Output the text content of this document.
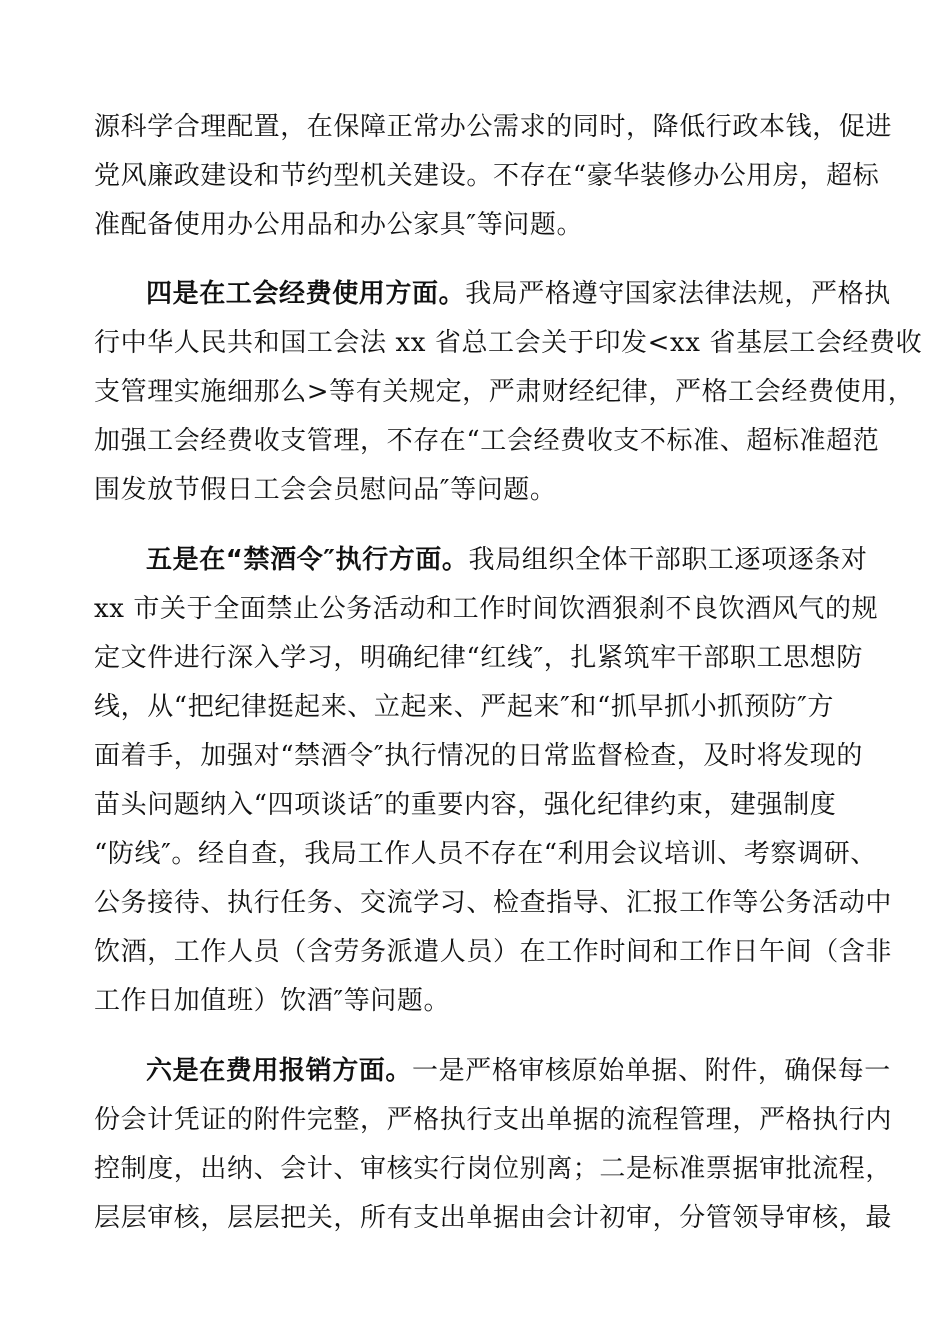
源科学合理配置，在保障正常办公需求的同时，降低行政本钱，促进
党风廉政建设和节约型机关建设。不存在“豪华装修办公用房，超标
准配备使用办公用品和办公家具″等问题。
四是在工会经费使用方面。我局严格遵守国家法律法规，严格执
行中华人民共和国工会法 xx 省总工会关于印发<xx 省基层工会经费收
支管理实施细那么>等有关规定，严肃财经纪律，严格工会经费使用，
加强工会经费收支管理，不存在“工会经费收支不标准、超标准超范
围发放节假日工会会员慰问品″等问题。
五是在“禁酒令″执行方面。我局组织全体干部职工逐项逐条对
xx 市关于全面禁止公务活动和工作时间饮酒狠刹不良饮酒风气的规
定文件进行深入学习，明确纪律“红线″，扎紧筑牢干部职工思想防
线，从“把纪律挺起来、立起来、严起来″和“抓早抓小抓预防″方
面着手，加强对“禁酒令″执行情况的日常监督检查，及时将发现的
苗头问题纳入“四项谈话″的重要内容，强化纪律约束，建强制度
“防线″。经自查，我局工作人员不存在“利用会议培训、考察调研、
公务接待、执行任务、交流学习、检查指导、汇报工作等公务活动中
饮酒，工作人员（含劳务派遣人员）在工作时间和工作日午间（含非
工作日加值班）饮酒″等问题。
六是在费用报销方面。一是严格审核原始单据、附件，确保每一
份会计凭证的附件完整，严格执行支出单据的流程管理，严格执行内
控制度，出纳、会计、审核实行岗位别离；二是标准票据审批流程，
层层审核，层层把关，所有支出单据由会计初审，分管领导审核，最
